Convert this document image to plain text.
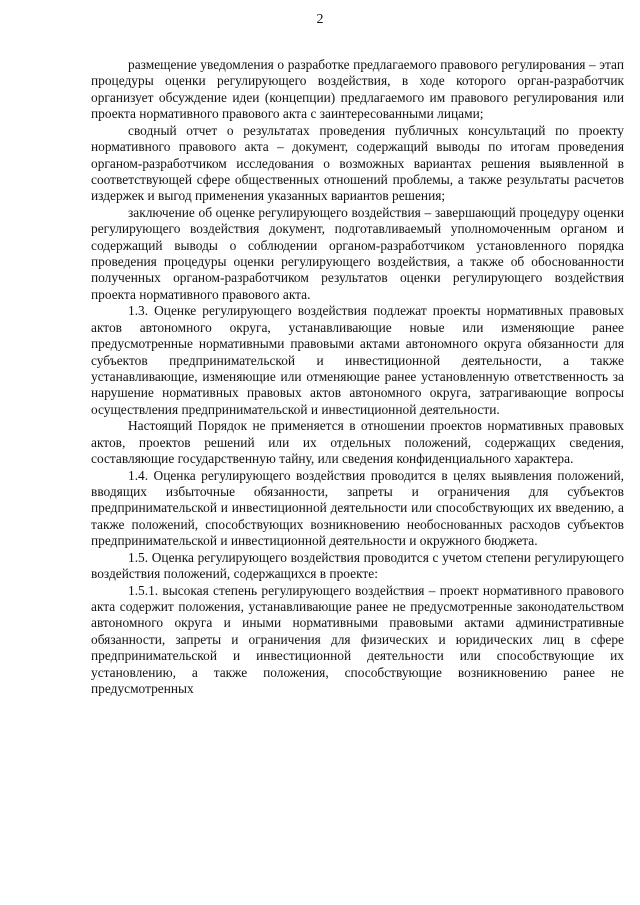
2

размещение уведомления о разработке предлагаемого правового регулирования – этап процедуры оценки регулирующего воздействия, в ходе которого орган-разработчик организует обсуждение идеи (концепции) предлагаемого им правового регулирования или проекта нормативного правового акта с заинтересованными лицами;

сводный отчет о результатах проведения публичных консультаций по проекту нормативного правового акта – документ, содержащий выводы по итогам проведения органом-разработчиком исследования о возможных вариантах решения выявленной в соответствующей сфере общественных отношений проблемы, а также результаты расчетов издержек и выгод применения указанных вариантов решения;

заключение об оценке регулирующего воздействия – завершающий процедуру оценки регулирующего воздействия документ, подготавливаемый уполномоченным органом и содержащий выводы о соблюдении органом-разработчиком установленного порядка проведения процедуры оценки регулирующего воздействия, а также об обоснованности полученных органом-разработчиком результатов оценки регулирующего воздействия проекта нормативного правового акта.

1.3. Оценке регулирующего воздействия подлежат проекты нормативных правовых актов автономного округа, устанавливающие новые или изменяющие ранее предусмотренные нормативными правовыми актами автономного округа обязанности для субъектов предпринимательской и инвестиционной деятельности, а также устанавливающие, изменяющие или отменяющие ранее установленную ответственность за нарушение нормативных правовых актов автономного округа, затрагивающие вопросы осуществления предпринимательской и инвестиционной деятельности.

Настоящий Порядок не применяется в отношении проектов нормативных правовых актов, проектов решений или их отдельных положений, содержащих сведения, составляющие государственную тайну, или сведения конфиденциального характера.

1.4. Оценка регулирующего воздействия проводится в целях выявления положений, вводящих избыточные обязанности, запреты и ограничения для субъектов предпринимательской и инвестиционной деятельности или способствующих их введению, а также положений, способствующих возникновению необоснованных расходов субъектов предпринимательской и инвестиционной деятельности и окружного бюджета.

1.5. Оценка регулирующего воздействия проводится с учетом степени регулирующего воздействия положений, содержащихся в проекте:

1.5.1. высокая степень регулирующего воздействия – проект нормативного правового акта содержит положения, устанавливающие ранее не предусмотренные законодательством автономного округа и иными нормативными правовыми актами административные обязанности, запреты и ограничения для физических и юридических лиц в сфере предпринимательской и инвестиционной деятельности или способствующие их установлению, а также положения, способствующие возникновению ранее не предусмотренных
